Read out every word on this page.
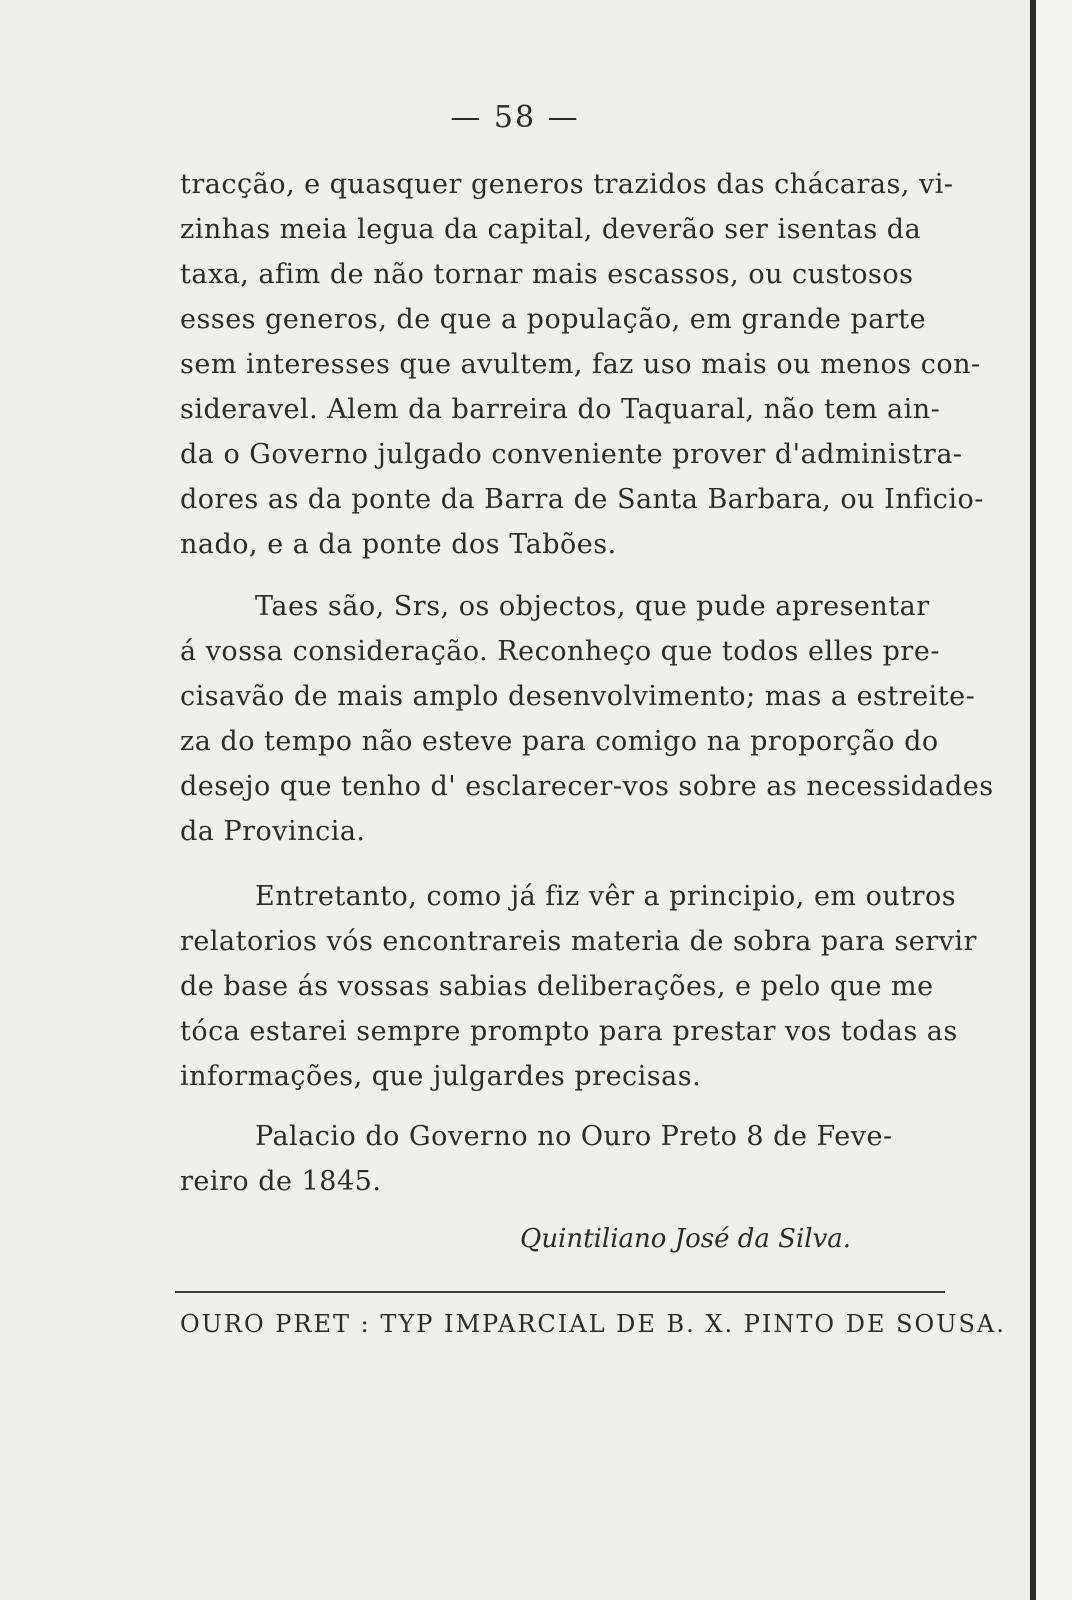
— 58 —
tracção, e quasquer generos trazidos das chácaras, vi-
zinhas meia legua da capital, deverão ser isentas da
taxa, afim de não tornar mais escassos, ou custosos
esses generos, de que a população, em grande parte
sem interesses que avultem, faz uso mais ou menos con-
sideravel. Alem da barreira do Taquaral, não tem ain-
da o Governo julgado conveniente prover d'administra-
dores as da ponte da Barra de Santa Barbara, ou Inficio-
nado, e a da ponte dos Tabões.
Taes são, Srs, os objectos, que pude apresentar
á vossa consideração. Reconheço que todos elles pre-
cisavão de mais amplo desenvolvimento; mas a estreite-
za do tempo não esteve para comigo na proporção do
desejo que tenho d' esclarecer-vos sobre as necessidades
da Provincia.
Entretanto, como já fiz vêr a principio, em outros
relatorios vós encontrareis materia de sobra para servir
de base ás vossas sabias deliberações, e pelo que me
tóca estarei sempre prompto para prestar vos todas as
informações, que julgardes precisas.
Palacio do Governo no Ouro Preto 8 de Feve-
reiro de 1845.
Quintiliano José da Silva.
OURO PRET : TYP IMPARCIAL DE B. X. PINTO DE SOUSA.
